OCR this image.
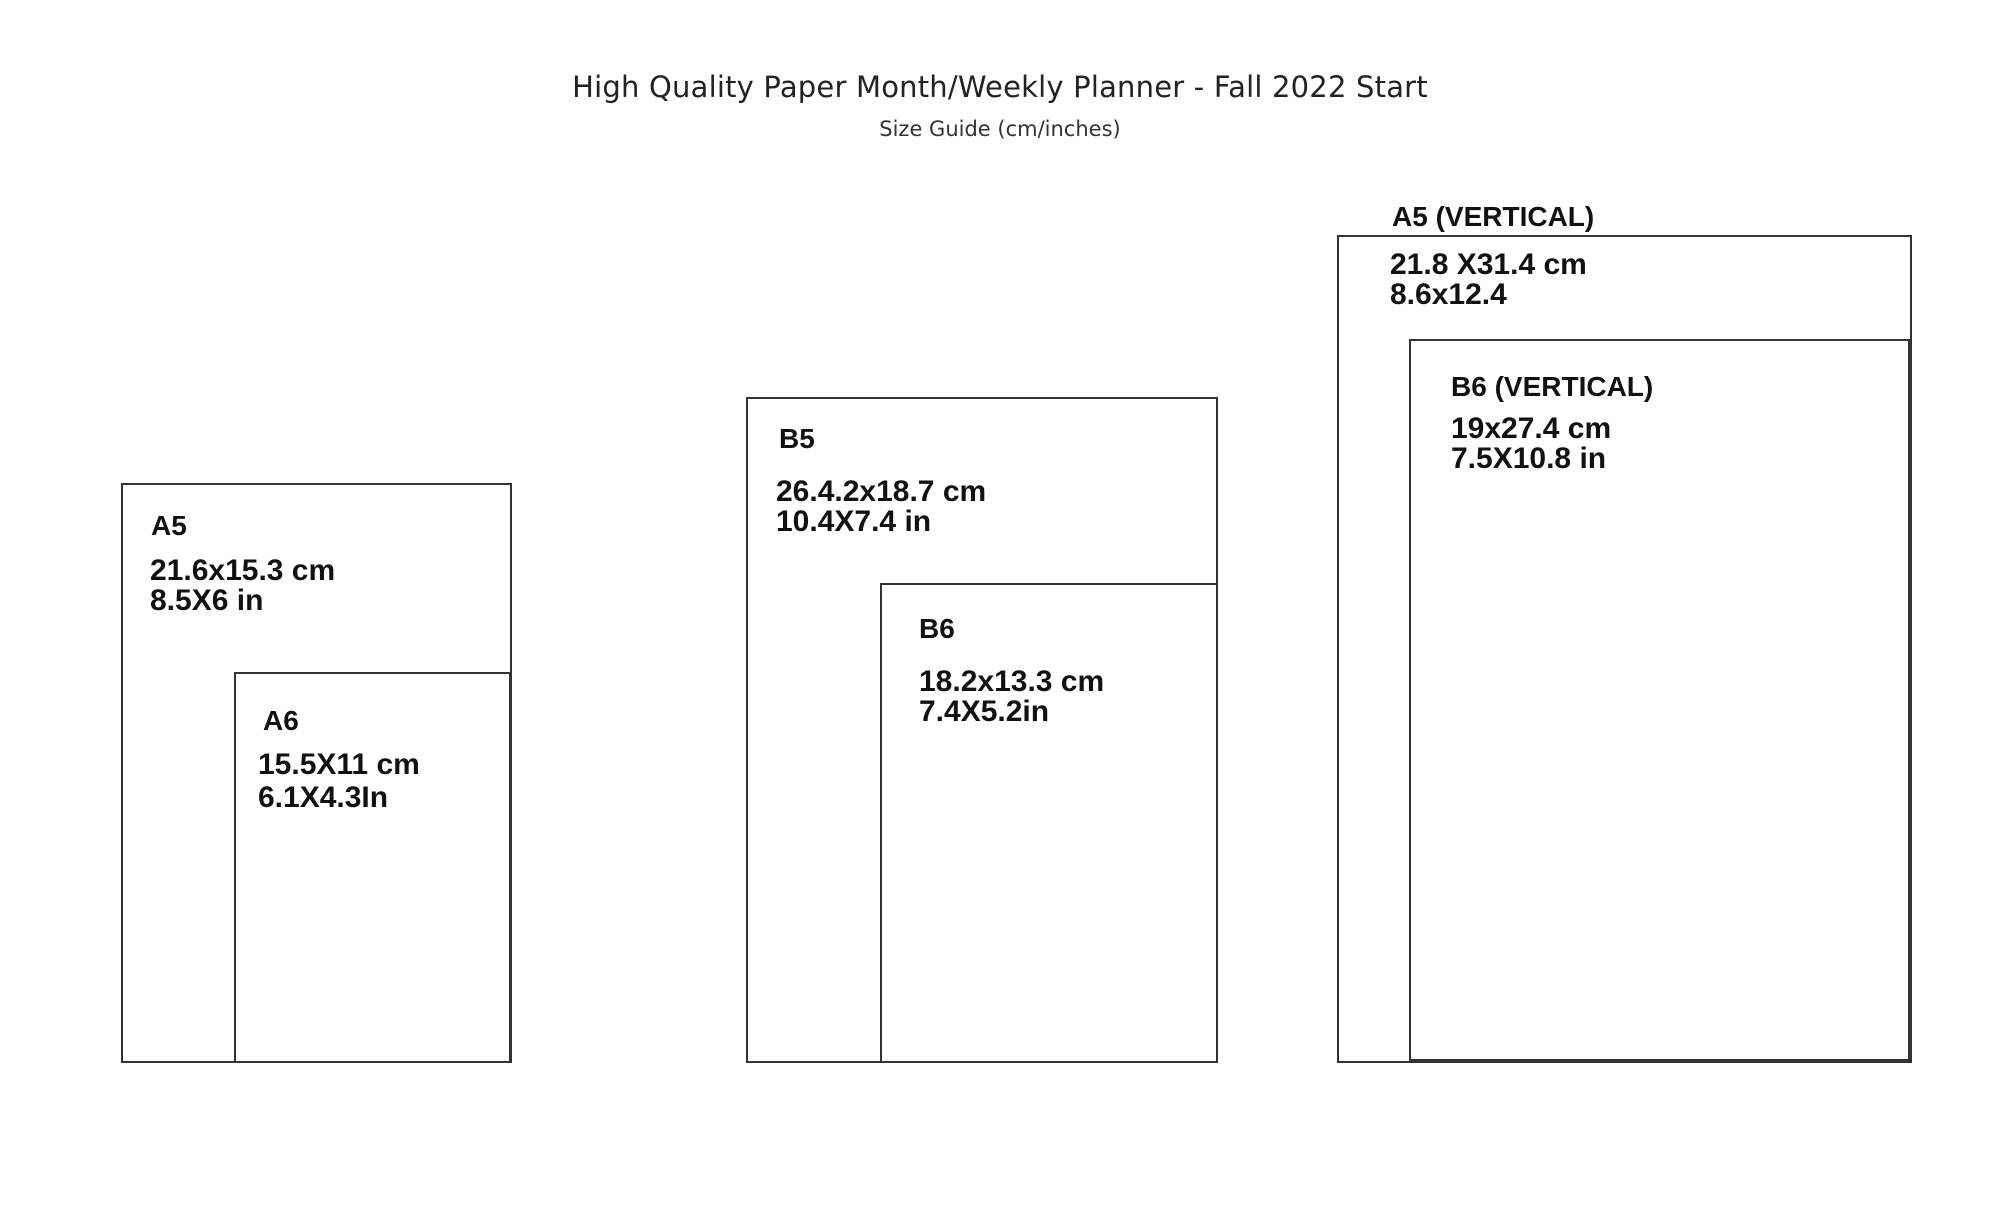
High Quality Paper Month/Weekly Planner - Fall 2022 Start
Size Guide (cm/inches)
A5
21.6x15.3 cm
8.5X6 in
A6
15.5X11 cm
6.1X4.3In
B5
26.4.2x18.7 cm
10.4X7.4 in
B6
18.2x13.3 cm
7.4X5.2in
A5 (VERTICAL)
21.8 X31.4 cm
8.6x12.4
B6 (VERTICAL)
19x27.4 cm
7.5X10.8 in
